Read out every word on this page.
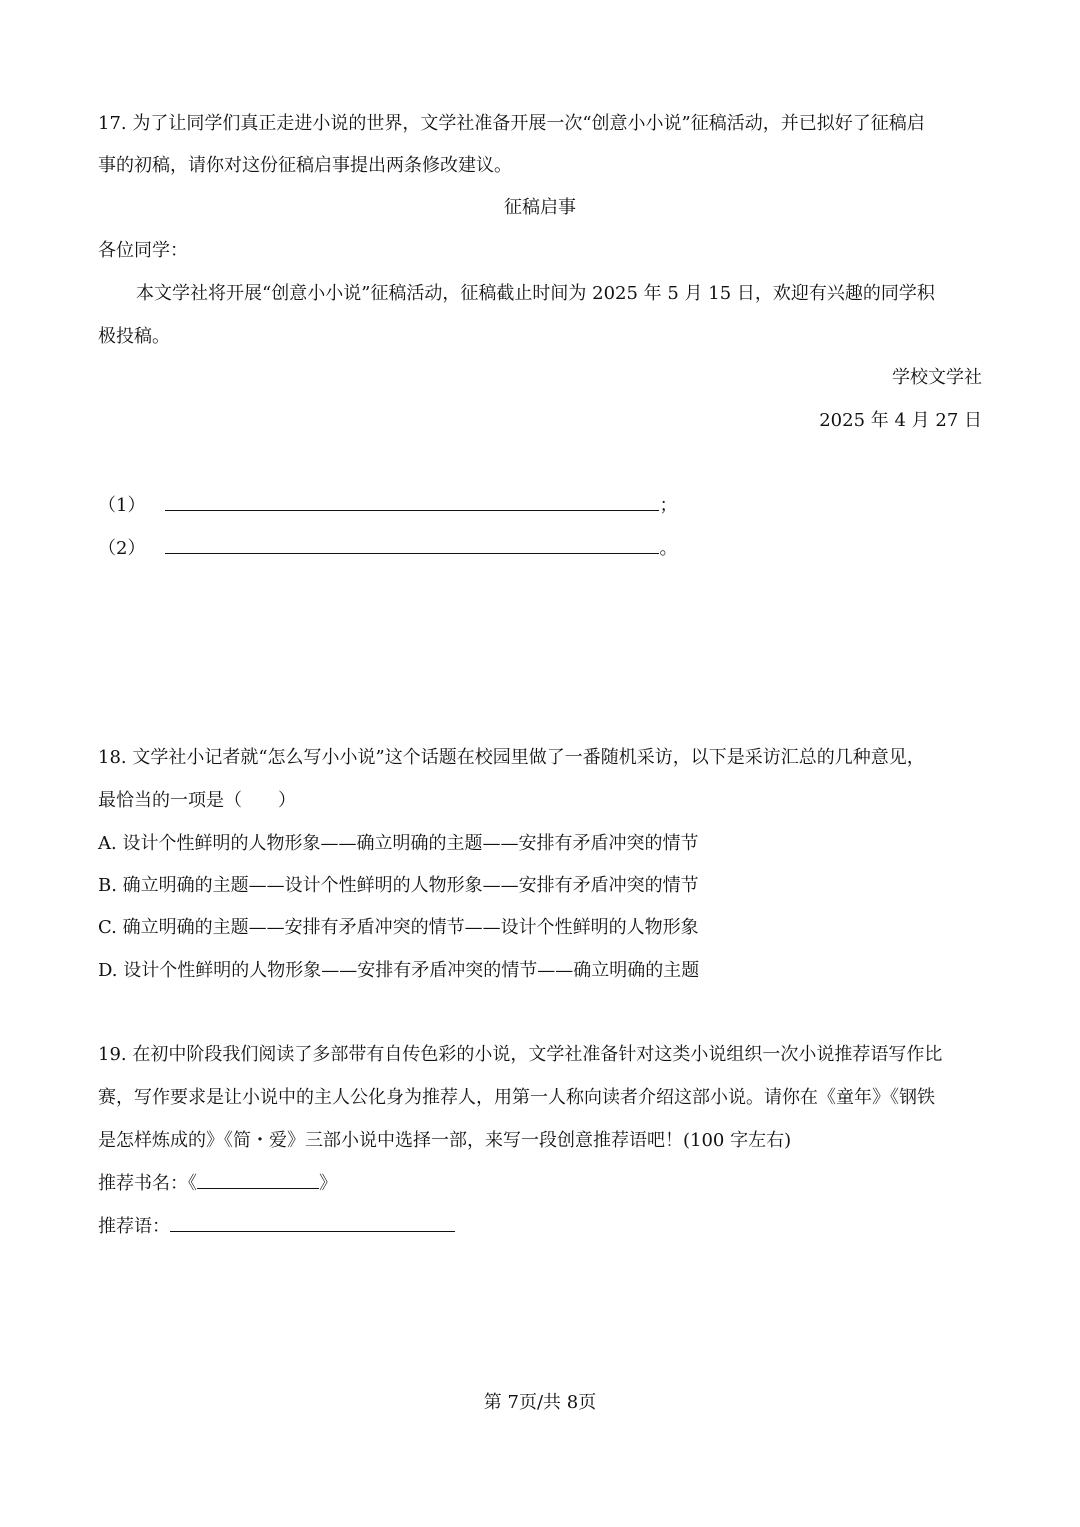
17. 为了让同学们真正走进小说的世界，文学社准备开展一次“创意小小说”征稿活动，并已拟好了征稿启
事的初稿，请你对这份征稿启事提出两条修改建议。
征稿启事
各位同学：
本文学社将开展“创意小小说”征稿活动，征稿截止时间为 2025 年 5 月 15 日，欢迎有兴趣的同学积
极投稿。
学校文学社
2025 年 4 月 27 日
（1）	；
（2）	。
18. 文学社小记者就“怎么写小小说”这个话题在校园里做了一番随机采访，以下是采访汇总的几种意见，
最恰当的一项是（　　）
A. 设计个性鲜明的人物形象——确立明确的主题——安排有矛盾冲突的情节
B. 确立明确的主题——设计个性鲜明的人物形象——安排有矛盾冲突的情节
C. 确立明确的主题——安排有矛盾冲突的情节——设计个性鲜明的人物形象
D. 设计个性鲜明的人物形象——安排有矛盾冲突的情节——确立明确的主题
19. 在初中阶段我们阅读了多部带有自传色彩的小说，文学社准备针对这类小说组织一次小说推荐语写作比
赛，写作要求是让小说中的主人公化身为推荐人，用第一人称向读者介绍这部小说。请你在《童年》《钢铁
是怎样炼成的》《简・爱》三部小说中选择一部，来写一段创意推荐语吧！(100 字左右)
推荐书名：《	》
推荐语：
第 7页/共 8页
